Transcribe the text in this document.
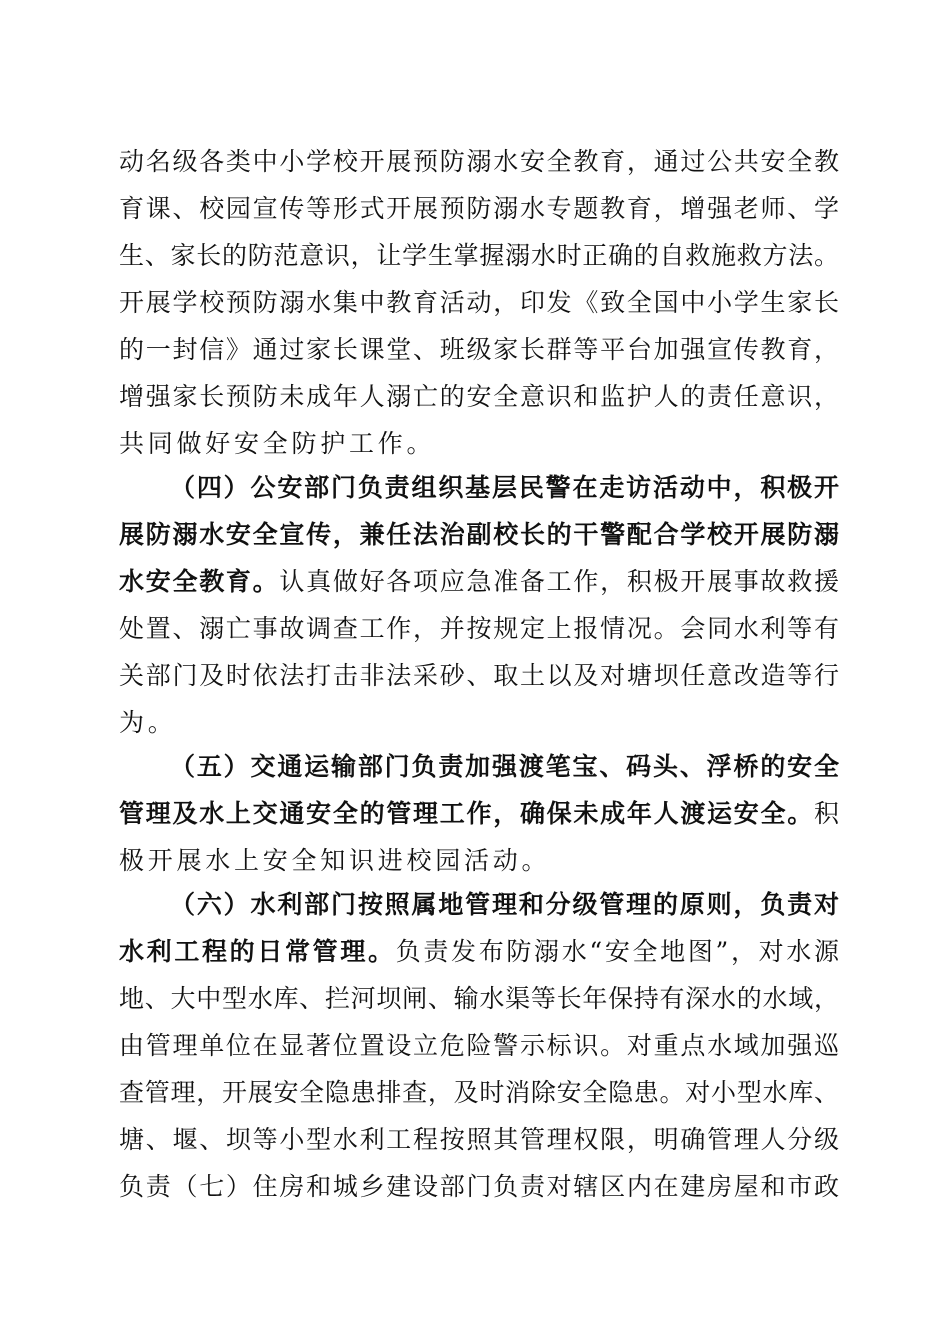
动名级各类中小学校开展预防溺水安全教育，通过公共安全教
育课、校园宣传等形式开展预防溺水专题教育，增强老师、学
生、家长的防范意识，让学生掌握溺水时正确的自救施救方法。
开展学校预防溺水集中教育活动，印发《致全国中小学生家长
的一封信》通过家长课堂、班级家长群等平台加强宣传教育，
增强家长预防未成年人溺亡的安全意识和监护人的责任意识，
共同做好安全防护工作。
（四）公安部门负责组织基层民警在走访活动中，积极开
展防溺水安全宣传，兼任法治副校长的干警配合学校开展防溺
水安全教育。认真做好各项应急准备工作，积极开展事故救援
处置、溺亡事故调查工作，并按规定上报情况。会同水利等有
关部门及时依法打击非法采砂、取土以及对塘坝任意改造等行
为。
（五）交通运输部门负责加强渡笔宝、码头、浮桥的安全
管理及水上交通安全的管理工作，确保未成年人渡运安全。积
极开展水上安全知识进校园活动。
（六）水利部门按照属地管理和分级管理的原则，负责对
水利工程的日常管理。负责发布防溺水“安全地图”，对水源
地、大中型水库、拦河坝闸、输水渠等长年保持有深水的水域，
由管理单位在显著位置设立危险警示标识。对重点水域加强巡
查管理，开展安全隐患排查，及时消除安全隐患。对小型水库、
塘、堰、坝等小型水利工程按照其管理权限，明确管理人分级
负责（七）住房和城乡建设部门负责对辖区内在建房屋和市政
